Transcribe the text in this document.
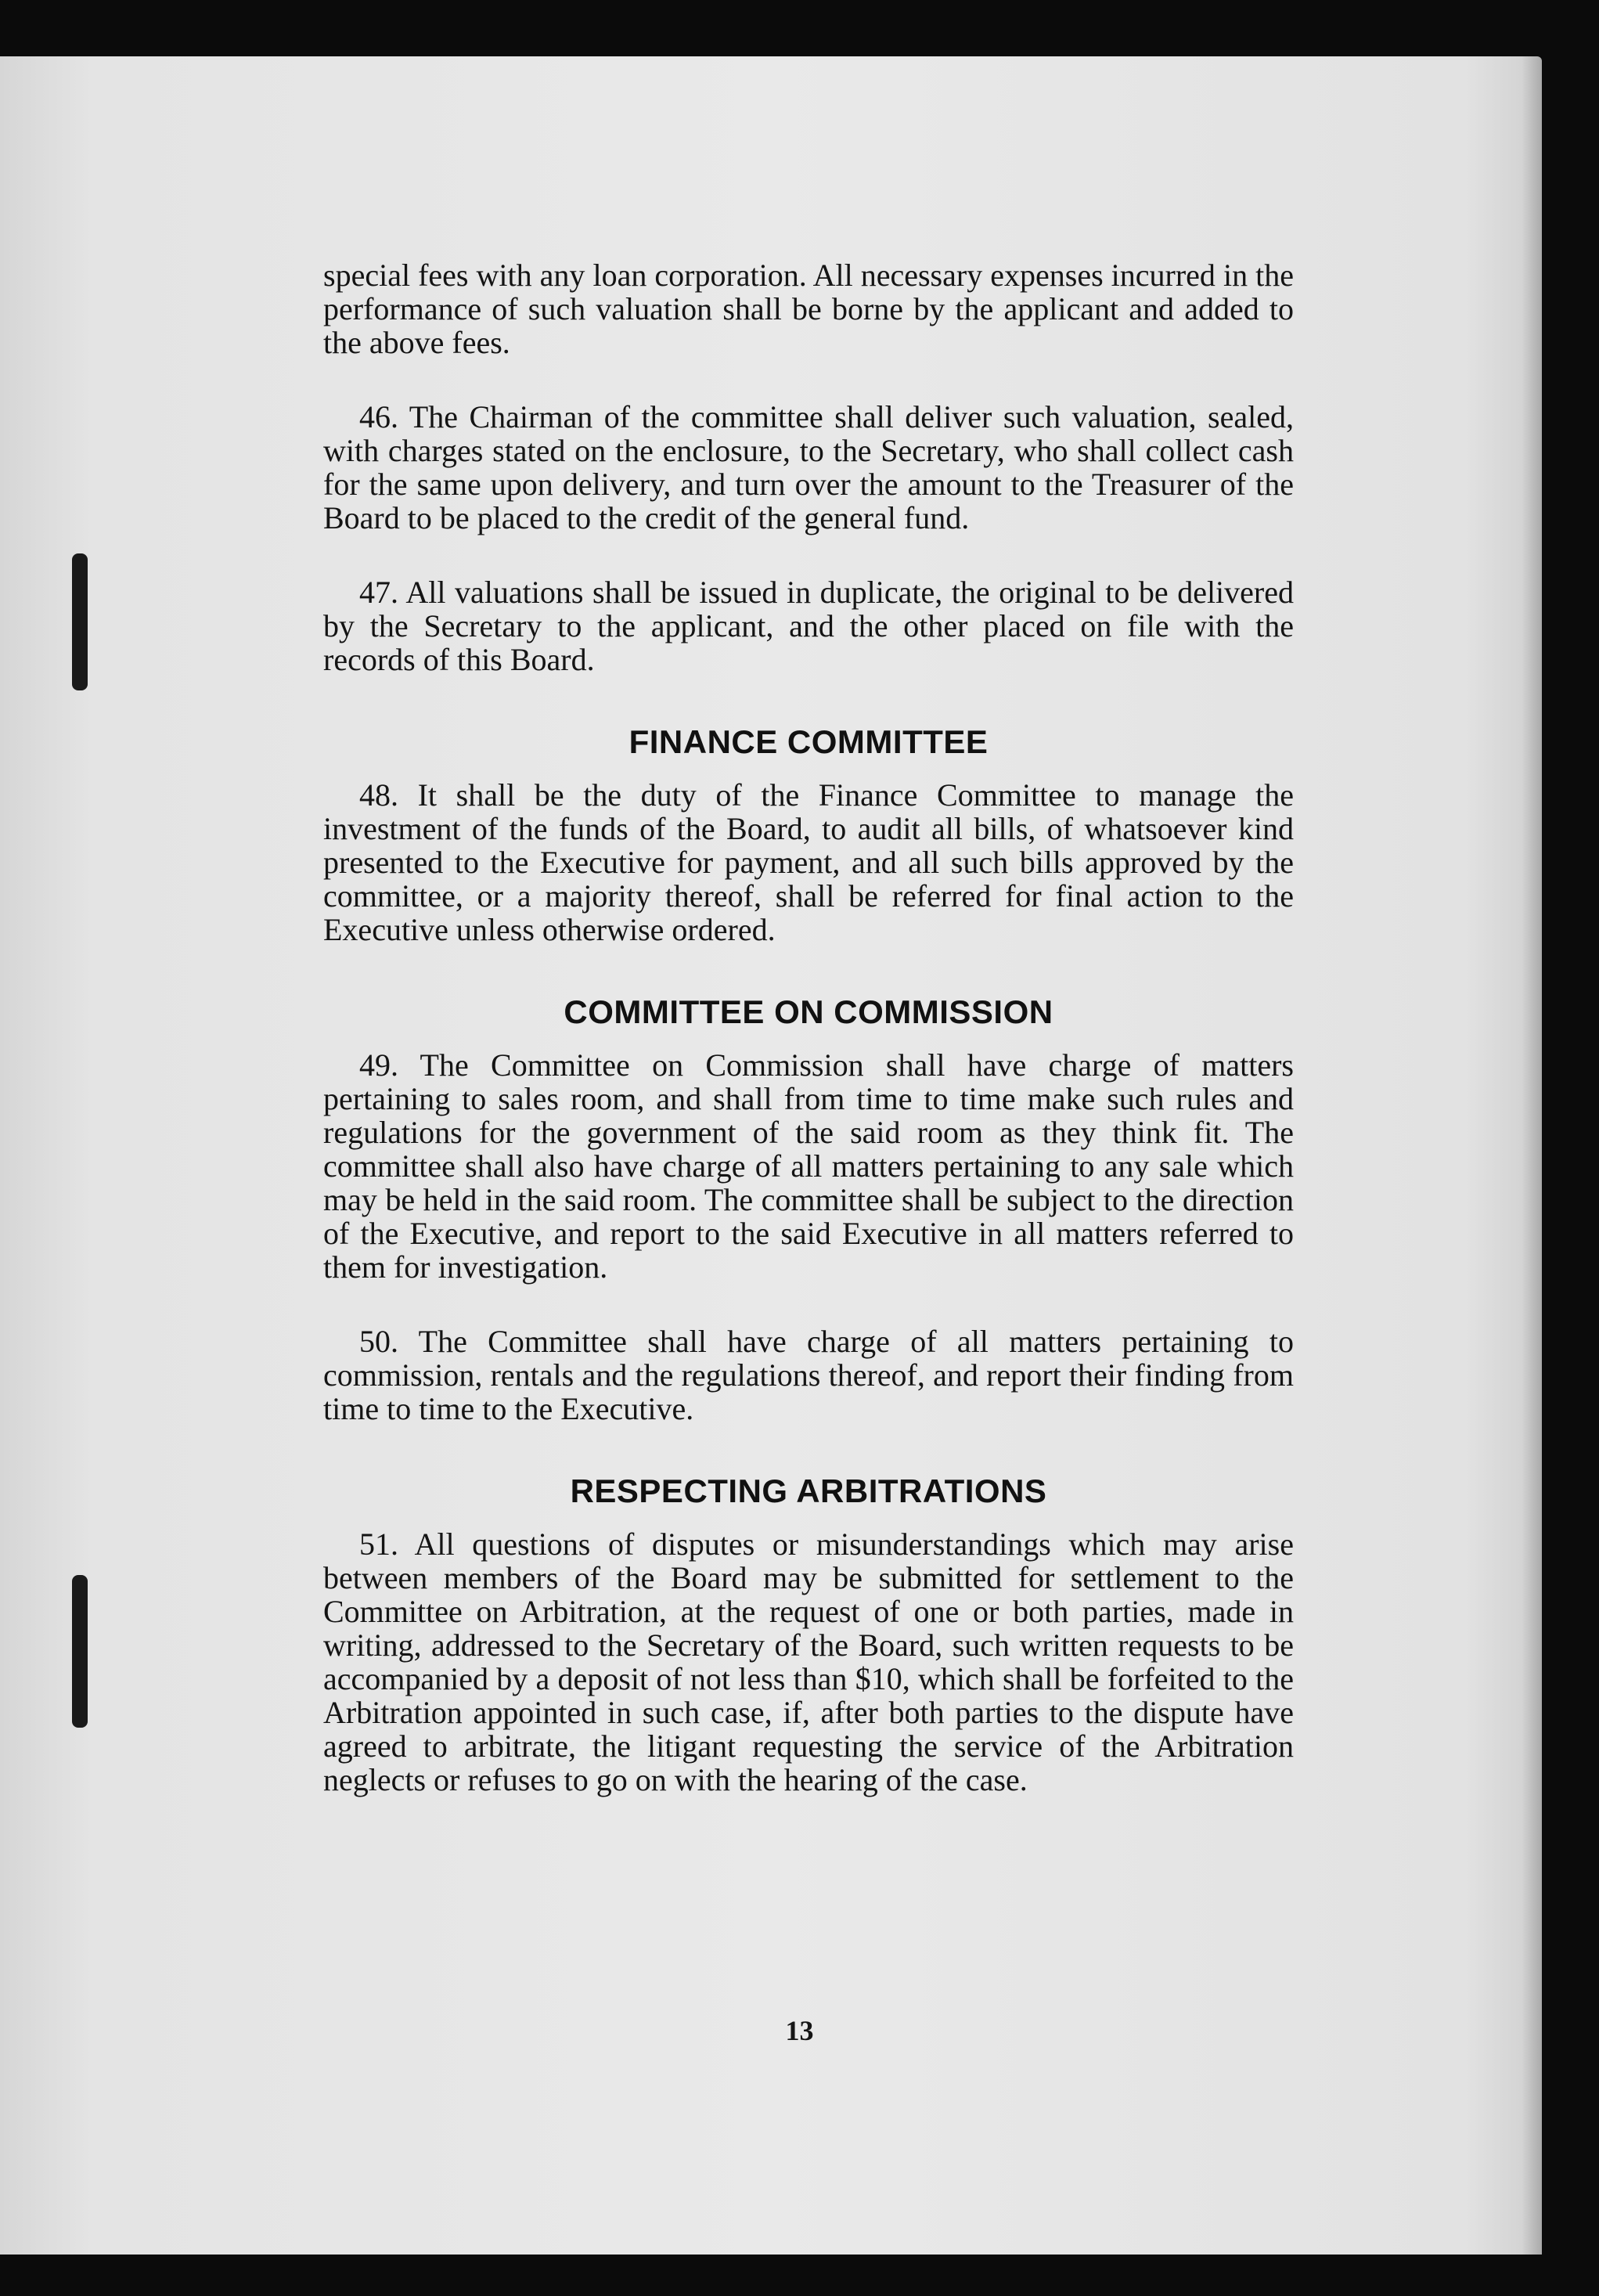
special fees with any loan corporation. All necessary expenses incurred in the performance of such valuation shall be borne by the applicant and added to the above fees.

46. The Chairman of the committee shall deliver such valuation, sealed, with charges stated on the enclosure, to the Secretary, who shall collect cash for the same upon delivery, and turn over the amount to the Treasurer of the Board to be placed to the credit of the general fund.

47. All valuations shall be issued in duplicate, the original to be delivered by the Secretary to the applicant, and the other placed on file with the records of this Board.

FINANCE COMMITTEE

48. It shall be the duty of the Finance Committee to manage the investment of the funds of the Board, to audit all bills, of whatsoever kind presented to the Executive for payment, and all such bills approved by the committee, or a majority thereof, shall be referred for final action to the Executive unless otherwise ordered.

COMMITTEE ON COMMISSION

49. The Committee on Commission shall have charge of matters pertaining to sales room, and shall from time to time make such rules and regulations for the government of the said room as they think fit. The committee shall also have charge of all matters pertaining to any sale which may be held in the said room. The committee shall be subject to the direction of the Executive, and report to the said Executive in all matters referred to them for investigation.

50. The Committee shall have charge of all matters pertaining to commission, rentals and the regulations thereof, and report their finding from time to time to the Executive.

RESPECTING ARBITRATIONS

51. All questions of disputes or misunderstandings which may arise between members of the Board may be submitted for settlement to the Committee on Arbitration, at the request of one or both parties, made in writing, addressed to the Secretary of the Board, such written requests to be accompanied by a deposit of not less than $10, which shall be forfeited to the Arbitration appointed in such case, if, after both parties to the dispute have agreed to arbitrate, the litigant requesting the service of the Arbitration neglects or refuses to go on with the hearing of the case.

13
